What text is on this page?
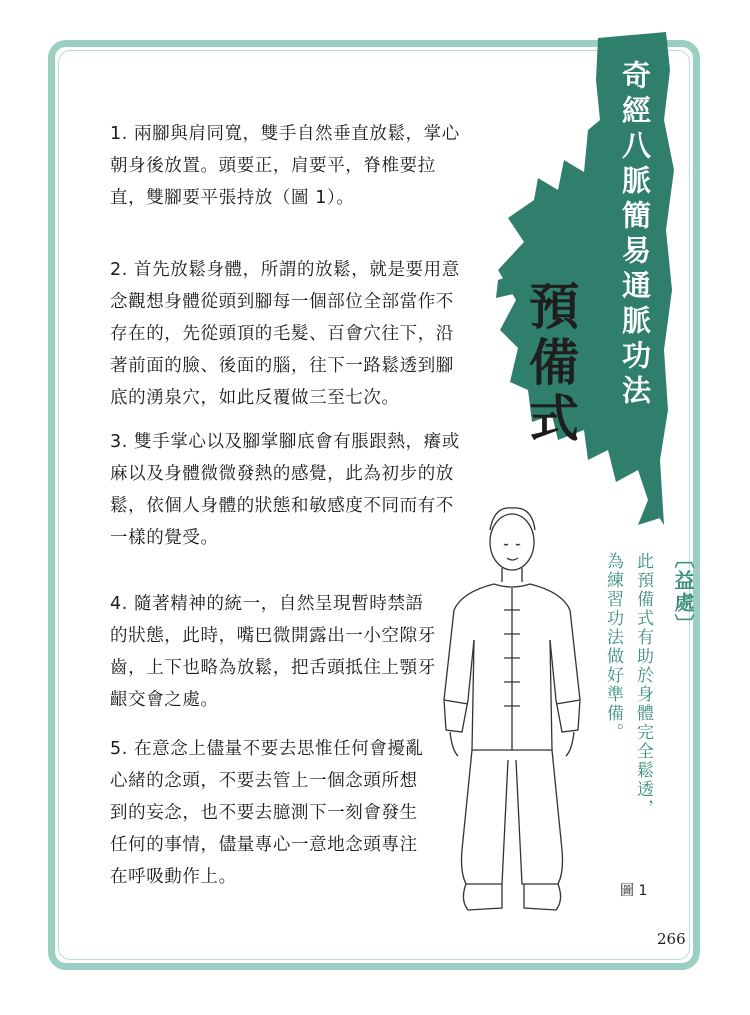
奇經八脈簡易通脈功法
預備式
〔益處〕
此預備式有助於身體完全鬆透，為練習功法做好準備。

1. 兩腳與肩同寬，雙手自然垂直放鬆，掌心朝身後放置。頭要正，肩要平，脊椎要拉直，雙腳要平張持放（圖 1）。

2. 首先放鬆身體，所謂的放鬆，就是要用意念觀想身體從頭到腳每一個部位全部當作不存在的，先從頭頂的毛髮、百會穴往下，沿著前面的臉、後面的腦，往下一路鬆透到腳底的湧泉穴，如此反覆做三至七次。

3. 雙手掌心以及腳掌腳底會有脹跟熱，癢或麻以及身體微微發熱的感覺，此為初步的放鬆，依個人身體的狀態和敏感度不同而有不一樣的覺受。

4. 隨著精神的統一，自然呈現暫時禁語的狀態，此時，嘴巴微開露出一小空隙牙齒，上下也略為放鬆，把舌頭抵住上顎牙齦交會之處。

5. 在意念上儘量不要去思惟任何會擾亂心緒的念頭，不要去管上一個念頭所想到的妄念，也不要去臆測下一刻會發生任何的事情，儘量專心一意地念頭專注在呼吸動作上。

圖 1
266
